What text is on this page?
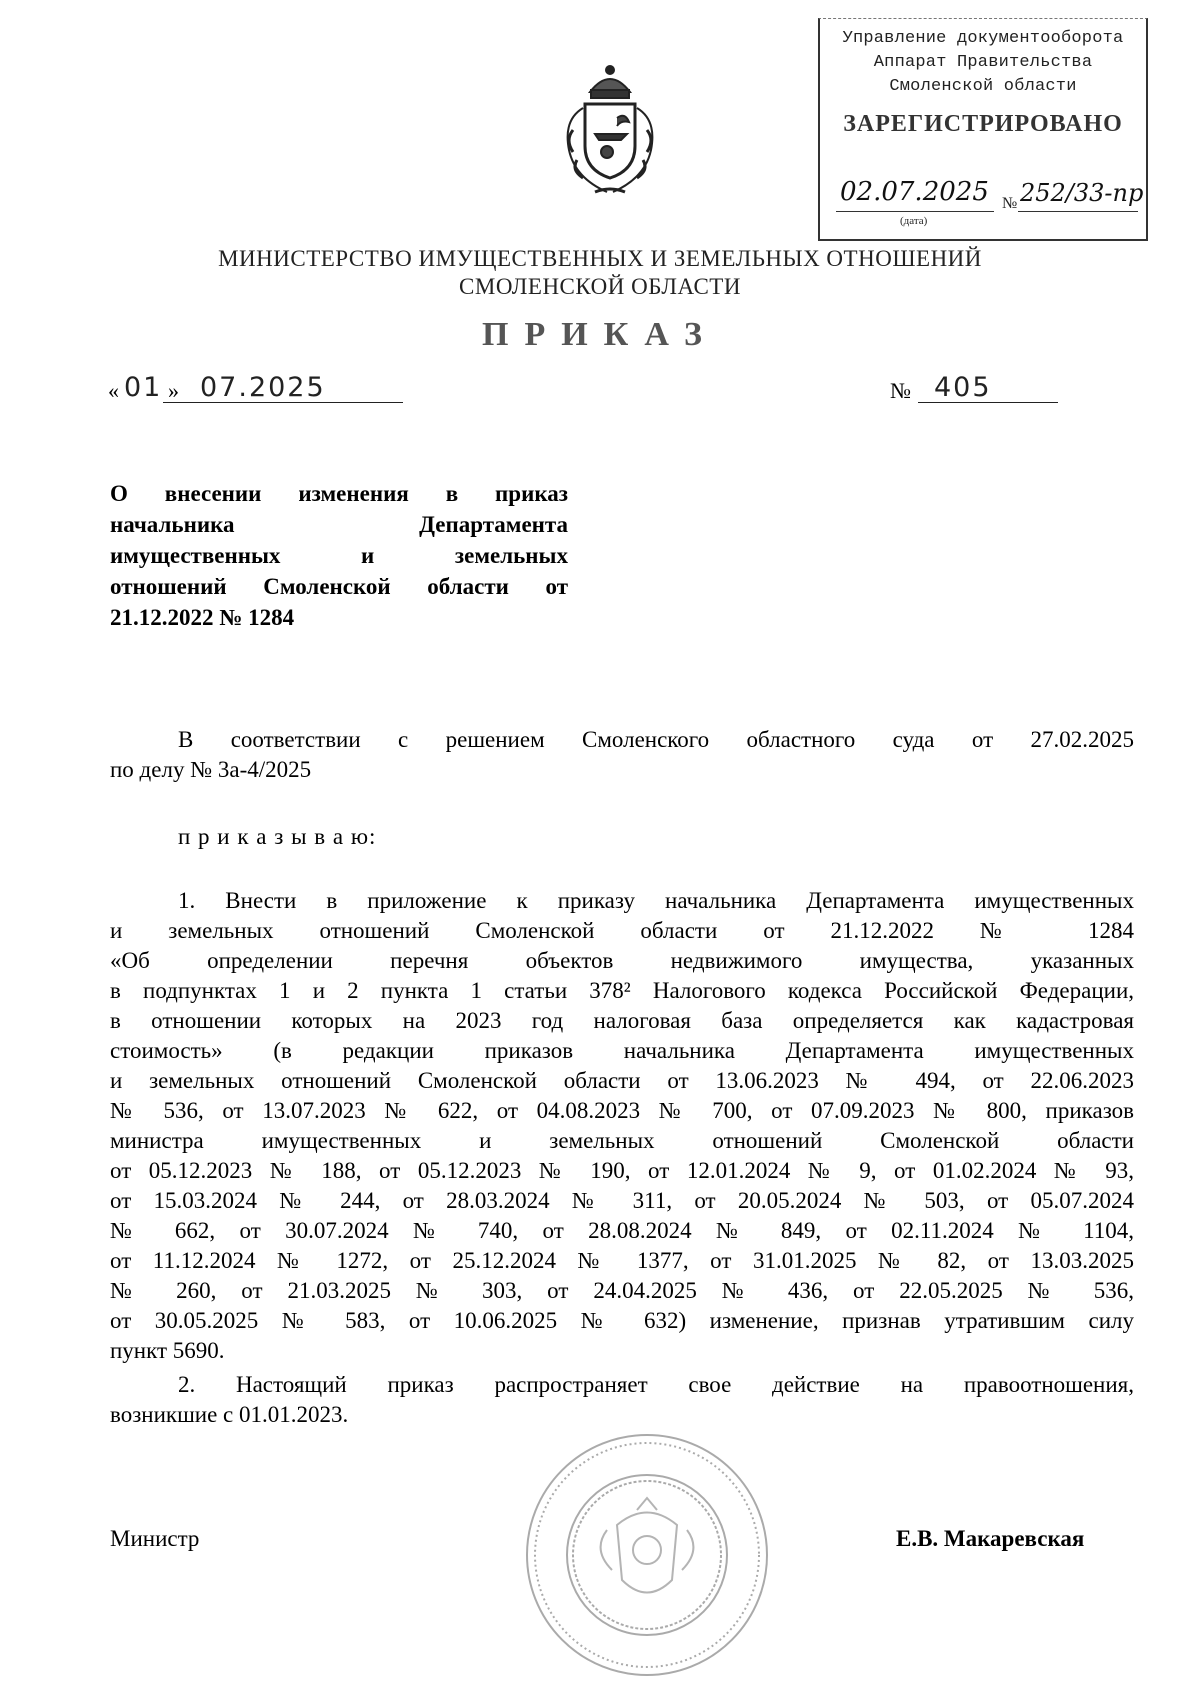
Управление документооборота
Аппарат Правительства
Смоленской области
ЗАРЕГИСТРИРОВАНО
02.07.2025
(дата)
№ 252/33-пр
МИНИСТЕРСТВО ИМУЩЕСТВЕННЫХ И ЗЕМЕЛЬНЫХ ОТНОШЕНИЙ
СМОЛЕНСКОЙ ОБЛАСТИ
ПРИКАЗ
« 01 » 07.2025	№ 405
О внесении изменения в приказ
начальника Департамента
имущественных и земельных
отношений Смоленской области от
21.12.2022 № 1284
В соответствии с решением Смоленского областного суда от 27.02.2025
по делу № 3а-4/2025
п р и к а з ы в а ю:
1. Внести в приложение к приказу начальника Департамента имущественных
и земельных отношений Смоленской области от 21.12.2022 № 1284
«Об определении перечня объектов недвижимого имущества, указанных
в подпунктах 1 и 2 пункта 1 статьи 378² Налогового кодекса Российской Федерации,
в отношении которых на 2023 год налоговая база определяется как кадастровая
стоимость» (в редакции приказов начальника Департамента имущественных
и земельных отношений Смоленской области от 13.06.2023 № 494, от 22.06.2023
№ 536, от 13.07.2023 № 622, от 04.08.2023 № 700, от 07.09.2023 № 800, приказов
министра имущественных и земельных отношений Смоленской области
от 05.12.2023 № 188, от 05.12.2023 № 190, от 12.01.2024 № 9, от 01.02.2024 № 93,
от 15.03.2024 № 244, от 28.03.2024 № 311, от 20.05.2024 № 503, от 05.07.2024
№ 662, от 30.07.2024 № 740, от 28.08.2024 № 849, от 02.11.2024 № 1104,
от 11.12.2024 № 1272, от 25.12.2024 № 1377, от 31.01.2025 № 82, от 13.03.2025
№ 260, от 21.03.2025 № 303, от 24.04.2025 № 436, от 22.05.2025 № 536,
от 30.05.2025 № 583, от 10.06.2025 № 632) изменение, признав утратившим силу
пункт 5690.
2. Настоящий приказ распространяет свое действие на правоотношения,
возникшие с 01.01.2023.
Министр	Е.В. Макаревская
